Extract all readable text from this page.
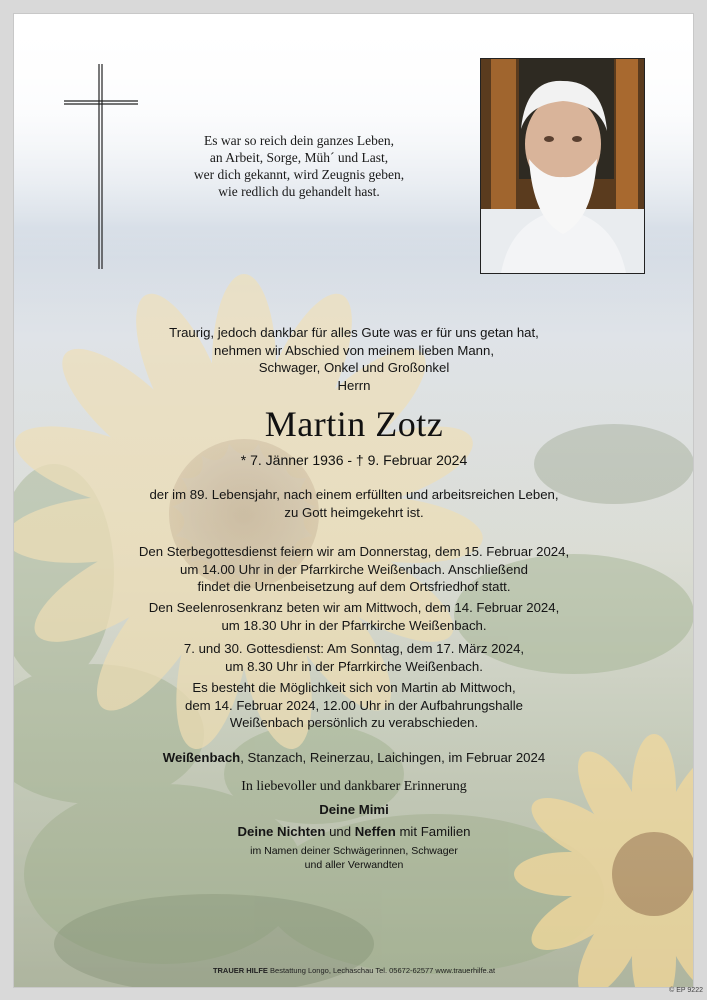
Es war so reich dein ganzes Leben,
an Arbeit, Sorge, Müh´ und Last,
wer dich gekannt, wird Zeugnis geben,
wie redlich du gehandelt hast.
Traurig, jedoch dankbar für alles Gute was er für uns getan hat,
nehmen wir Abschied von meinem lieben Mann,
Schwager, Onkel und Großonkel
Herrn
Martin Zotz
* 7. Jänner 1936 - † 9. Februar 2024
der im 89. Lebensjahr, nach einem erfüllten und arbeitsreichen Leben,
zu Gott heimgekehrt ist.
Den Sterbegottesdienst feiern wir am Donnerstag, dem 15. Februar 2024,
um 14.00 Uhr in der Pfarrkirche Weißenbach. Anschließend
findet die Urnenbeisetzung auf dem Ortsfriedhof statt.
Den Seelenrosenkranz beten wir am Mittwoch, dem 14. Februar 2024,
um 18.30 Uhr in der Pfarrkirche Weißenbach.
7. und 30. Gottesdienst: Am Sonntag, dem 17. März 2024,
um 8.30 Uhr in der Pfarrkirche Weißenbach.
Es besteht die Möglichkeit sich von Martin ab Mittwoch,
dem 14. Februar 2024, 12.00 Uhr in der Aufbahrungshalle
Weißenbach persönlich zu verabschieden.
Weißenbach, Stanzach, Reinerzau, Laichingen, im Februar 2024
In liebevoller und dankbarer Erinnerung
Deine Mimi
Deine Nichten und Neffen mit Familien
im Namen deiner Schwägerinnen, Schwager
und aller Verwandten
TRAUER HILFE Bestattung Longo, Lechaschau Tel. 05672-62577 www.trauerhilfe.at
© EP 9222
